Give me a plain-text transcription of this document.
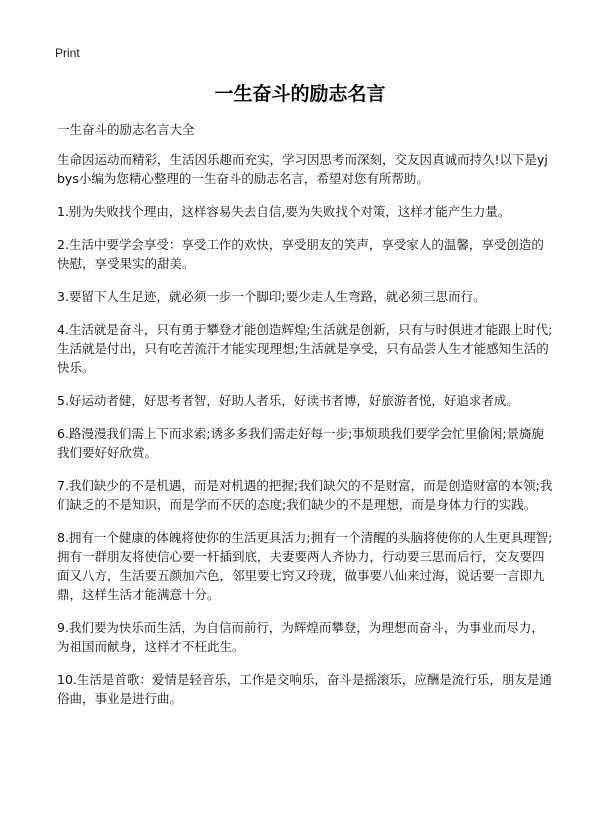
Print
一生奋斗的励志名言

一生奋斗的励志名言大全

生命因运动而精彩，生活因乐趣而充实，学习因思考而深刻，交友因真诚而持久!以下是yjbys小编为您精心整理的一生奋斗的励志名言，希望对您有所帮助。

1.别为失败找个理由，这样容易失去自信,要为失败找个对策，这样才能产生力量。

2.生活中要学会享受：享受工作的欢快，享受朋友的笑声，享受家人的温馨，享受创造的快慰，享受果实的甜美。

3.要留下人生足迹，就必须一步一个脚印;要少走人生弯路，就必须三思而行。

4.生活就是奋斗，只有勇于攀登才能创造辉煌;生活就是创新，只有与时俱进才能跟上时代;生活就是付出，只有吃苦流汗才能实现理想;生活就是享受，只有品尝人生才能感知生活的快乐。

5.好运动者健，好思考者智，好助人者乐，好读书者博，好旅游者悦，好追求者成。

6.路漫漫我们需上下而求索;诱多多我们需走好每一步;事烦琐我们要学会忙里偷闲;景旖旎我们要好好欣赏。

7.我们缺少的不是机遇，而是对机遇的把握;我们缺欠的不是财富，而是创造财富的本领;我们缺乏的不是知识，而是学而不厌的态度;我们缺少的不是理想，而是身体力行的实践。

8.拥有一个健康的体魄将使你的生活更具活力;拥有一个清醒的头脑将使你的人生更具理智;拥有一群朋友将使信心要一杆插到底，夫妻要两人齐协力，行动要三思而后行，交友要四面又八方，生活要五颜加六色，邻里要七窍又玲珑，做事要八仙来过海，说话要一言即九鼎，这样生活才能满意十分。

9.我们要为快乐而生活，为自信而前行，为辉煌而攀登，为理想而奋斗，为事业而尽力，为祖国而献身，这样才不枉此生。

10.生活是首歌：爱情是轻音乐，工作是交响乐，奋斗是摇滚乐，应酬是流行乐，朋友是通俗曲，事业是进行曲。
